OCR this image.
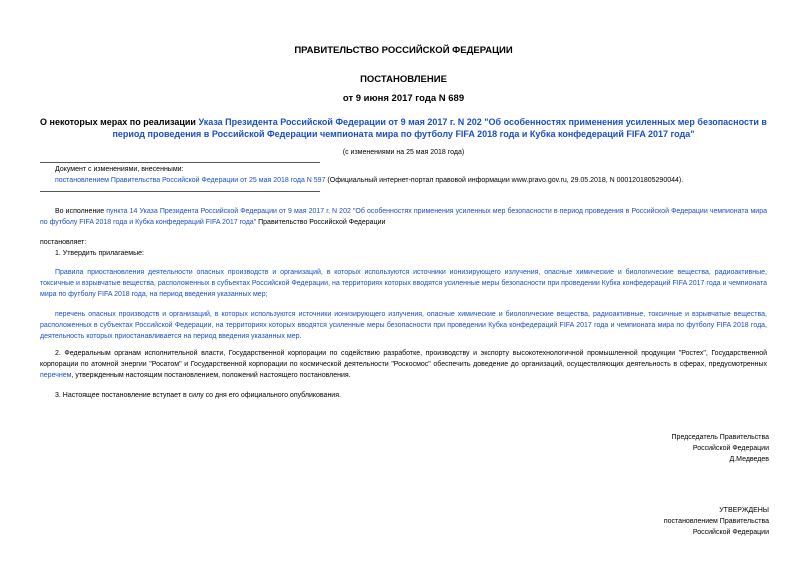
ПРАВИТЕЛЬСТВО РОССИЙСКОЙ ФЕДЕРАЦИИ
ПОСТАНОВЛЕНИЕ
от 9 июня 2017 года N 689
О некоторых мерах по реализации Указа Президента Российской Федерации от 9 мая 2017 г. N 202 "Об особенностях применения усиленных мер безопасности в период проведения в Российской Федерации чемпионата мира по футболу FIFA 2018 года и Кубка конфедераций FIFA 2017 года"
(с изменениями на 25 мая 2018 года)
Документ с изменениями, внесенными:
постановлением Правительства Российской Федерации от 25 мая 2018 года N 597 (Официальный интернет-портал правовой информации www.pravo.gov.ru, 29.05.2018, N 0001201805290044).
Во исполнение пункта 14 Указа Президента Российской Федерации от 9 мая 2017 г. N 202 "Об особенностях применения усиленных мер безопасности в период проведения в Российской Федерации чемпионата мира по футболу FIFA 2018 года и Кубка конфедераций FIFA 2017 года" Правительство Российской Федерации
постановляет:
1. Утвердить прилагаемые:
Правила приостановления деятельности опасных производств и организаций, в которых используются источники ионизирующего излучения, опасные химические и биологические вещества, радиоактивные, токсичные и взрывчатые вещества, расположенных в субъектах Российской Федерации, на территориях которых вводятся усиленные меры безопасности при проведении Кубка конфедераций FIFA 2017 года и чемпионата мира по футболу FIFA 2018 года, на период введения указанных мер;
перечень опасных производств и организаций, в которых используются источники ионизирующего излучения, опасные химические и биологические вещества, радиоактивные, токсичные и взрывчатые вещества, расположенных в субъектах Российской Федерации, на территориях которых вводятся усиленные меры безопасности при проведении Кубка конфедераций FIFA 2017 года и чемпионата мира по футболу FIFA 2018 года, деятельность которых приостанавливается на период введения указанных мер.
2. Федеральным органам исполнительной власти, Государственной корпорации по содействию разработке, производству и экспорту высокотехнологичной промышленной продукции "Ростех", Государственной корпорации по атомной энергии "Росатом" и Государственной корпорации по космической деятельности "Роскосмос" обеспечить доведение до организаций, осуществляющих деятельность в сферах, предусмотренных перечнем, утвержденным настоящим постановлением, положений настоящего постановления.
3. Настоящее постановление вступает в силу со дня его официального опубликования.
Председатель Правительства
Российской Федерации
Д.Медведев
УТВЕРЖДЕНЫ
постановлением Правительства
Российской Федерации
